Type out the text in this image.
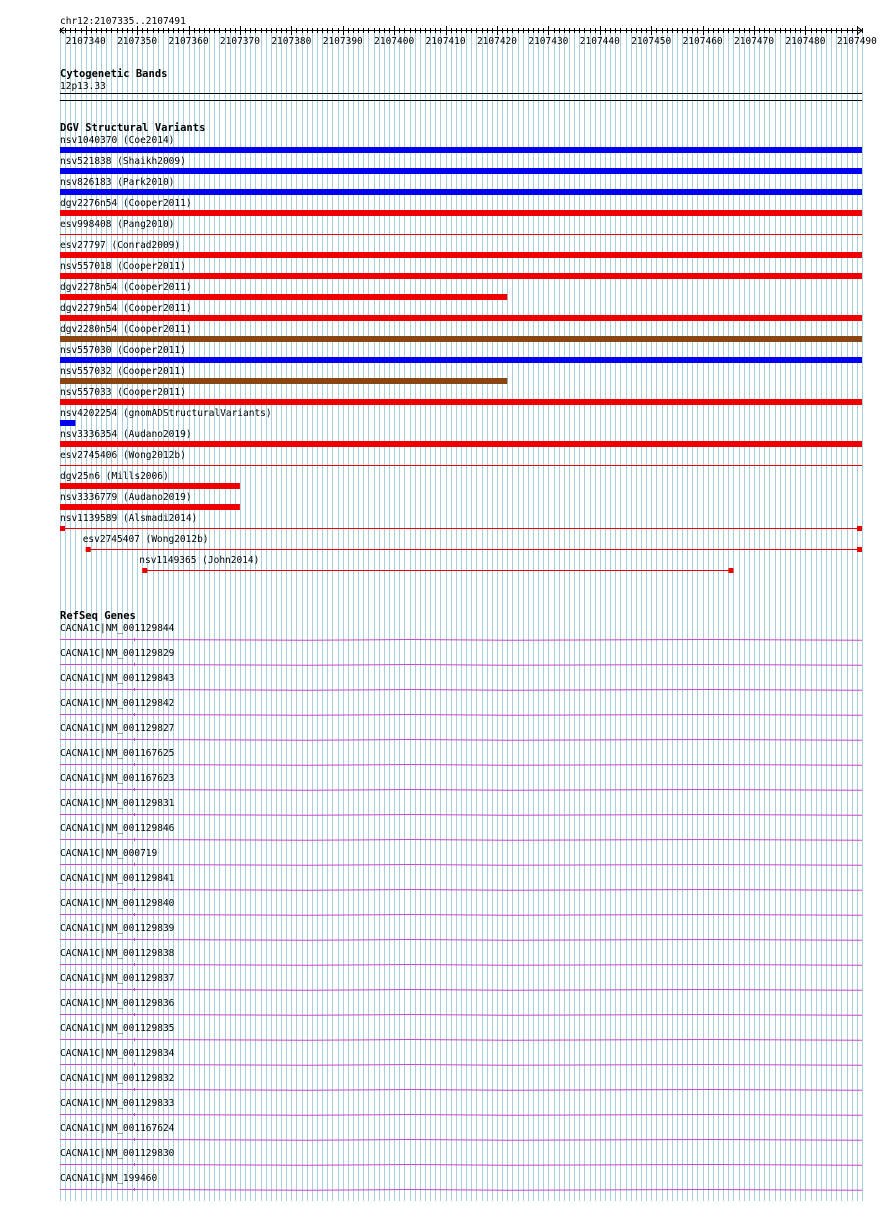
chr12:2107335..2107491
2107340 2107350 2107360 2107370 2107380 2107390 2107400 2107410 2107420 2107430 2107440 2107450 2107460 2107470 2107480 2107490
Cytogenetic Bands
12p13.33
DGV Structural Variants
nsv1040370 (Coe2014)
nsv521838 (Shaikh2009)
nsv826183 (Park2010)
dgv2276n54 (Cooper2011)
esv998408 (Pang2010)
esv27797 (Conrad2009)
nsv557018 (Cooper2011)
dgv2278n54 (Cooper2011)
dgv2279n54 (Cooper2011)
dgv2280n54 (Cooper2011)
nsv557030 (Cooper2011)
nsv557032 (Cooper2011)
nsv557033 (Cooper2011)
nsv4202254 (gnomADStructuralVariants)
nsv3336354 (Audano2019)
esv2745406 (Wong2012b)
dgv25n6 (Mills2006)
nsv3336779 (Audano2019)
nsv1139589 (Alsmadi2014)
esv2745407 (Wong2012b)
nsv1149365 (John2014)
RefSeq Genes
CACNA1C|NM_001129844
CACNA1C|NM_001129829
CACNA1C|NM_001129843
CACNA1C|NM_001129842
CACNA1C|NM_001129827
CACNA1C|NM_001167625
CACNA1C|NM_001167623
CACNA1C|NM_001129831
CACNA1C|NM_001129846
CACNA1C|NM_000719
CACNA1C|NM_001129841
CACNA1C|NM_001129840
CACNA1C|NM_001129839
CACNA1C|NM_001129838
CACNA1C|NM_001129837
CACNA1C|NM_001129836
CACNA1C|NM_001129835
CACNA1C|NM_001129834
CACNA1C|NM_001129832
CACNA1C|NM_001129833
CACNA1C|NM_001167624
CACNA1C|NM_001129830
CACNA1C|NM_199460
